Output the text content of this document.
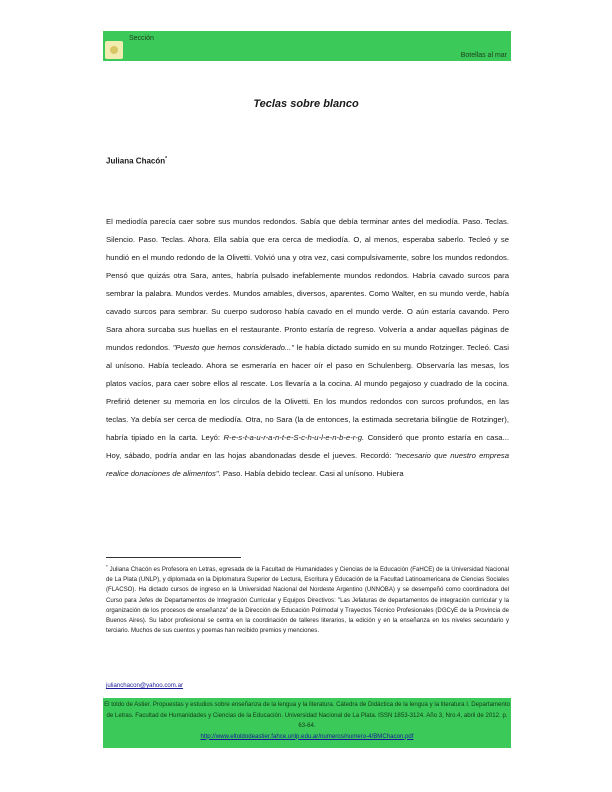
Sección
Botellas al mar
Teclas sobre blanco
Juliana Chacón*
El mediodía parecía caer sobre sus mundos redondos. Sabía que debía terminar antes del mediodía. Paso. Teclas. Silencio. Paso. Teclas. Ahora. Ella sabía que era cerca de mediodía. O, al menos, esperaba saberlo. Tecleó y se hundió en el mundo redondo de la Olivetti. Volvió una y otra vez, casi compulsivamente, sobre los mundos redondos. Pensó que quizás otra Sara, antes, habría pulsado inefablemente mundos redondos. Habría cavado surcos para sembrar la palabra. Mundos verdes. Mundos amables, diversos, aparentes. Como Walter, en su mundo verde, había cavado surcos para sembrar. Su cuerpo sudoroso había cavado en el mundo verde. O aún estaría cavando. Pero Sara ahora surcaba sus huellas en el restaurante. Pronto estaría de regreso. Volvería a andar aquellas páginas de mundos redondos. "Puesto que hemos considerado..." le había dictado sumido en su mundo Rotzinger. Tecleó. Casi al unísono. Había tecleado. Ahora se esmeraría en hacer oír el paso en Schulenberg. Observaría las mesas, los platos vacíos, para caer sobre ellos al rescate. Los llevaría a la cocina. Al mundo pegajoso y cuadrado de la cocina. Prefirió detener su memoria en los círculos de la Olivetti. En los mundos redondos con surcos profundos, en las teclas. Ya debía ser cerca de mediodía. Otra, no Sara (la de entonces, la estimada secretaria bilingüe de Rotzinger), habría tipiado en la carta. Leyó: R-e-s-t-a-u-r-a-n-t-e-S-c-h-u-l-e-n-b-e-r-g. Consideró que pronto estaría en casa... Hoy, sábado, podría andar en las hojas abandonadas desde el jueves. Recordó: "necesario que nuestro empresa realice donaciones de alimentos". Paso. Había debido teclear. Casi al unísono. Hubiera
* Juliana Chacón es Profesora en Letras, egresada de la Facultad de Humanidades y Ciencias de la Educación (FaHCE) de la Universidad Nacional de La Plata (UNLP), y diplomada en la Diplomatura Superior de Lectura, Escritura y Educación de la Facultad Latinoamericana de Ciencias Sociales (FLACSO). Ha dictado cursos de ingreso en la Universidad Nacional del Nordeste Argentino (UNNOBA) y se desempeñó como coordinadora del Curso para Jefes de Departamentos de Integración Curricular y Equipos Directivos: "Las Jefaturas de departamentos de integración curricular y la organización de los procesos de enseñanza" de la Dirección de Educación Polimodal y Trayectos Técnico Profesionales (DGCyE de la Provincia de Buenos Aires). Su labor profesional se centra en la coordinación de talleres literarios, la edición y en la enseñanza en los niveles secundario y terciario. Muchos de sus cuentos y poemas han recibido premios y menciones.
julianchacon@yahoo.com.ar
El toldo de Astier. Propuestas y estudios sobre enseñanza de la lengua y la literatura. Cátedra de Didáctica de la lengua y la literatura I. Departamento de Letras. Facultad de Humanidades y Ciencias de la Educación. Universidad Nacional de La Plata. ISSN 1853-3124. Año 3, Nro.4, abril de 2012. p. 63-64.
http://www.eltoldodeastier.fahce.unlp.edu.ar/numeros/numero-4/BMChacon.pdf
